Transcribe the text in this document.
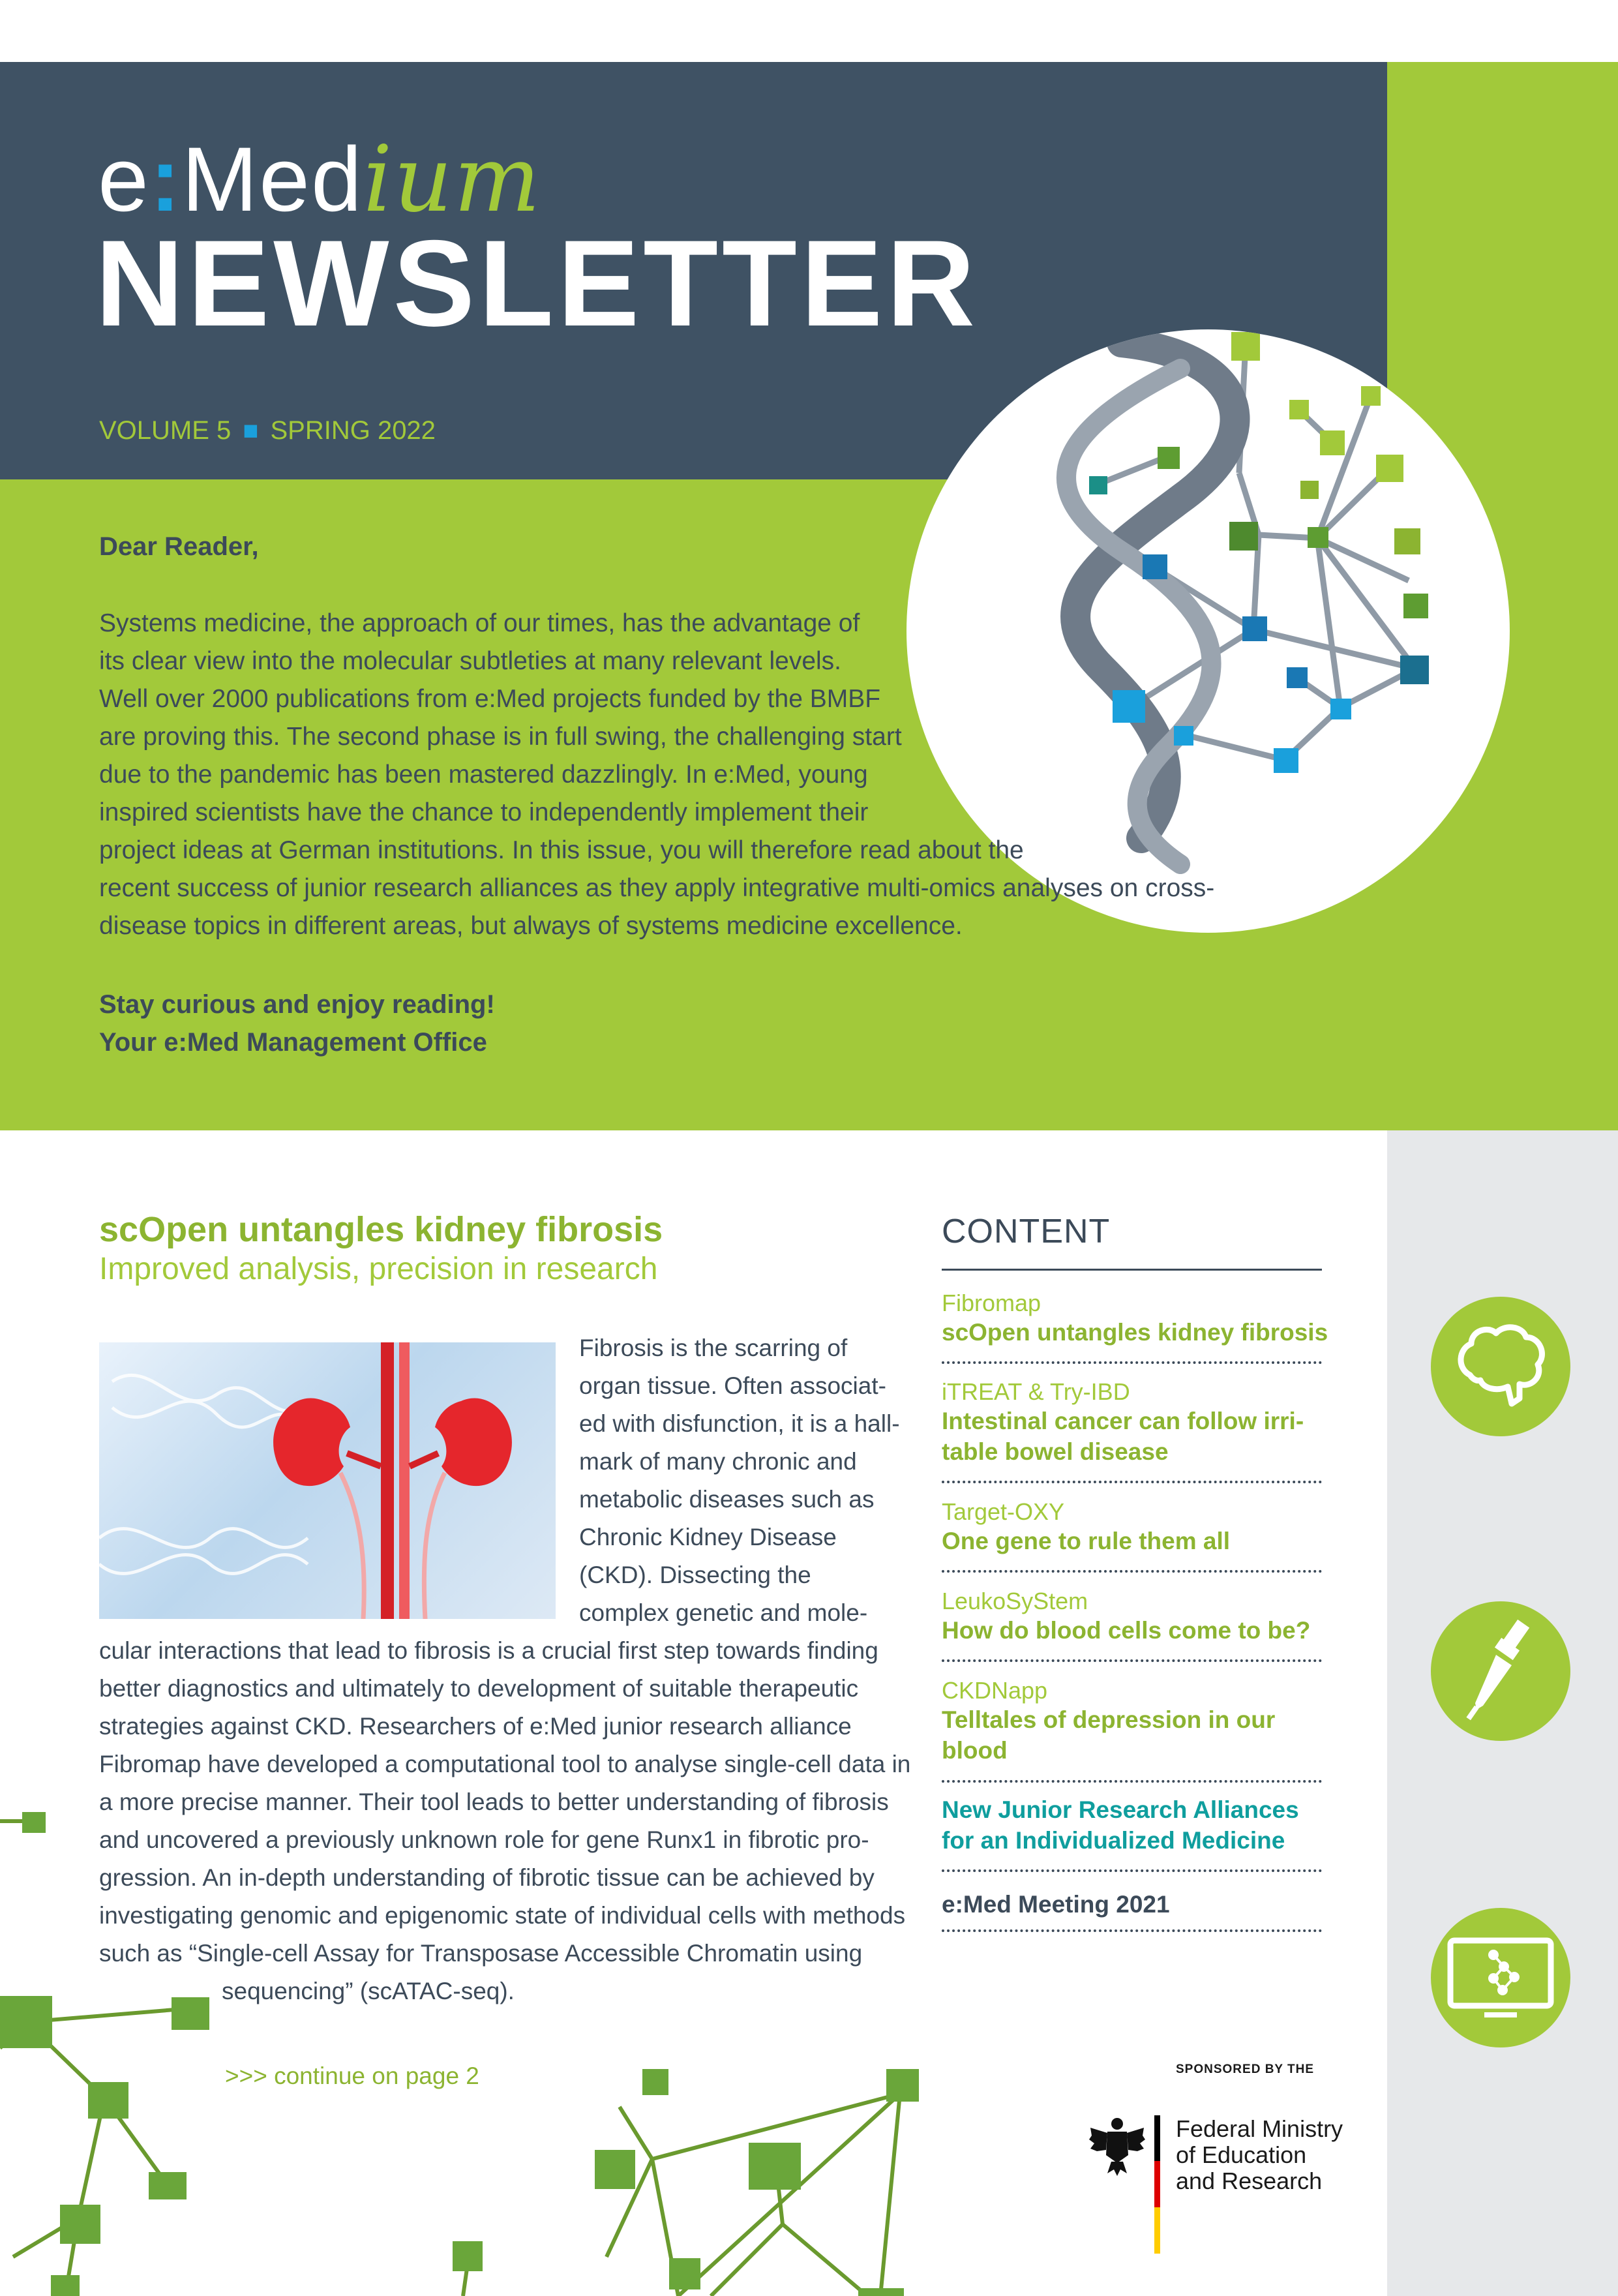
e:Medium
NEWSLETTER
VOLUME 5 ■ SPRING 2022
Dear Reader,
Systems medicine, the approach of our times, has the advantage of
its clear view into the molecular subtleties at many relevant levels.
Well over 2000 publications from e:Med projects funded by the BMBF
are proving this. The second phase is in full swing, the challenging start
due to the pandemic has been mastered dazzlingly. In e:Med, young
inspired scientists have the chance to independently implement their
project ideas at German institutions. In this issue, you will therefore read about the
recent success of junior research alliances as they apply integrative multi-omics analyses on cross-
disease topics in different areas, but always of systems medicine excellence.
Stay curious and enjoy reading!
Your e:Med Management Office
scOpen untangles kidney fibrosis
Improved analysis, precision in research
Fibrosis is the scarring of
organ tissue. Often associat-
ed with disfunction, it is a hall-
mark of many chronic and
metabolic diseases such as
Chronic Kidney Disease
(CKD). Dissecting the
complex genetic and mole-
cular interactions that lead to fibrosis is a crucial first step towards finding
better diagnostics and ultimately to development of suitable therapeutic
strategies against CKD. Researchers of e:Med junior research alliance
Fibromap have developed a computational tool to analyse single-cell data in
a more precise manner. Their tool leads to better understanding of fibrosis
and uncovered a previously unknown role for gene Runx1 in fibrotic pro-
gression. An in-depth understanding of fibrotic tissue can be achieved by
investigating genomic and epigenomic state of individual cells with methods
such as “Single-cell Assay for Transposase Accessible Chromatin using
sequencing” (scATAC-seq).
>>> continue on page 2
CONTENT
Fibromap
scOpen untangles kidney fibrosis
iTREAT & Try-IBD
Intestinal cancer can follow irri-
table bowel disease
Target-OXY
One gene to rule them all
LeukoSyStem
How do blood cells come to be?
CKDNapp
Telltales of depression in our
blood
New Junior Research Alliances
for an Individualized Medicine
e:Med Meeting 2021
SPONSORED BY THE
Federal Ministry
of Education
and Research
